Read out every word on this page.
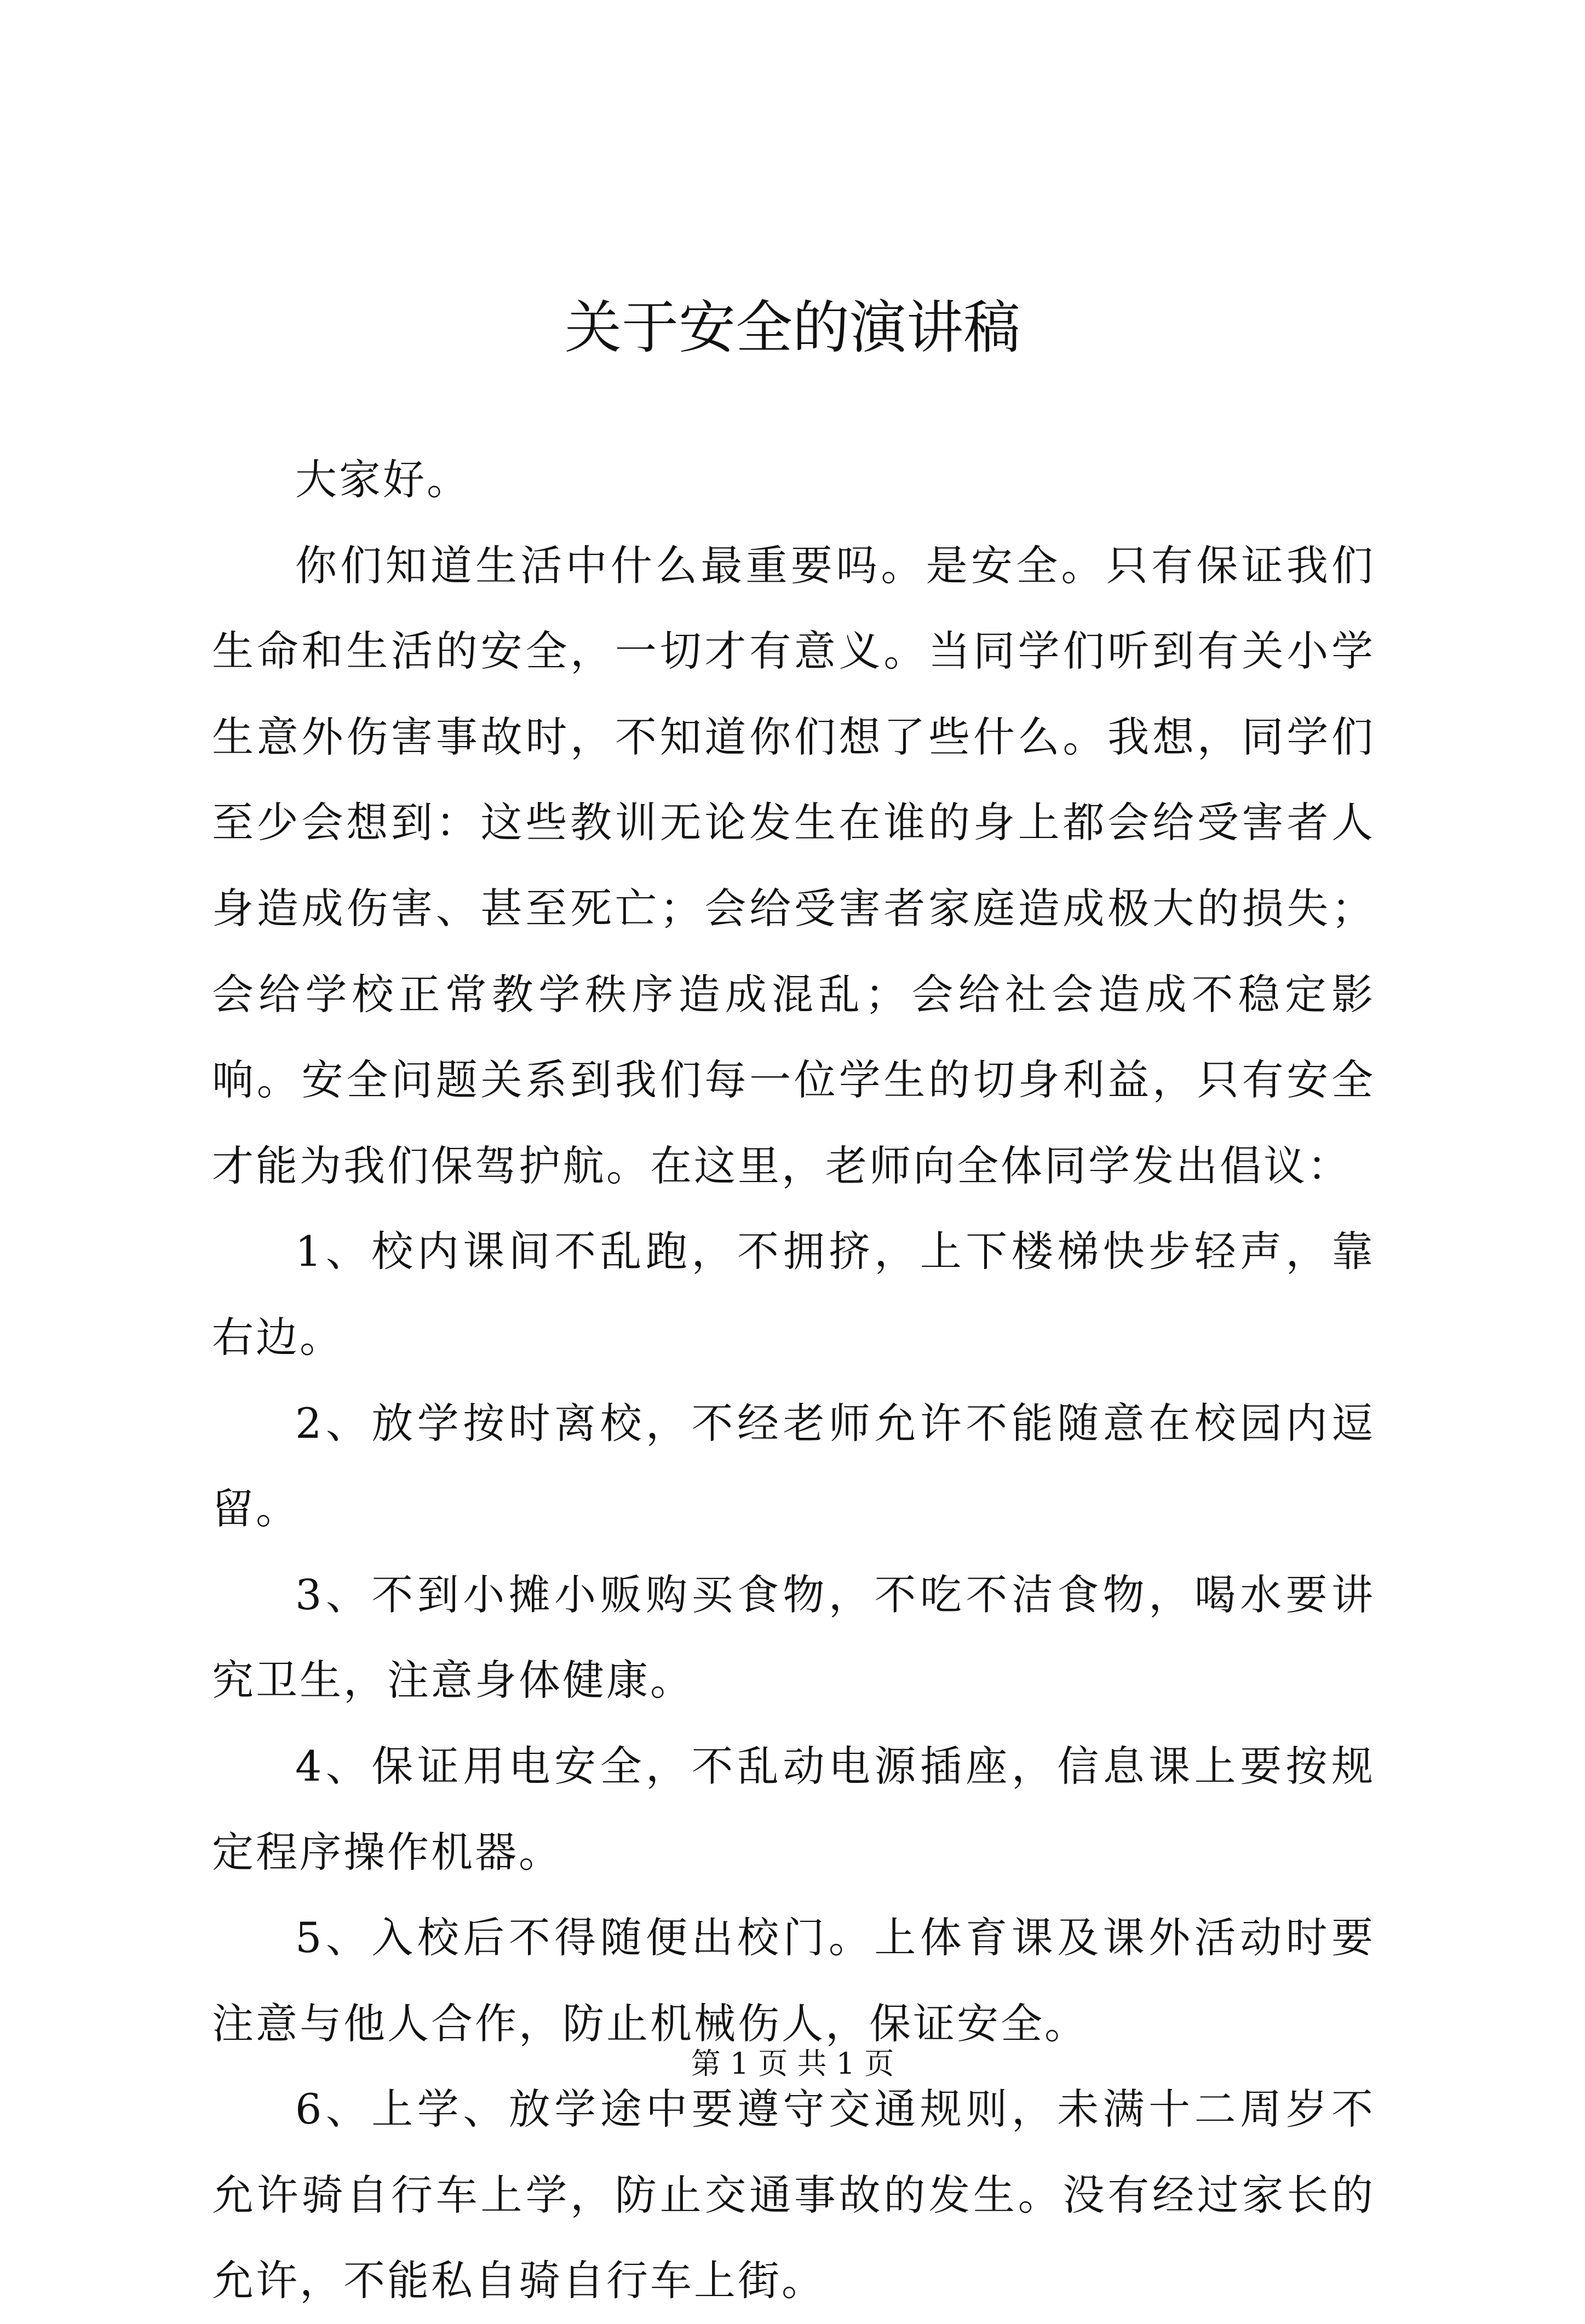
关于安全的演讲稿

大家好。

你们知道生活中什么最重要吗。是安全。只有保证我们生命和生活的安全，一切才有意义。当同学们听到有关小学生意外伤害事故时，不知道你们想了些什么。我想，同学们至少会想到：这些教训无论发生在谁的身上都会给受害者人身造成伤害、甚至死亡；会给受害者家庭造成极大的损失；会给学校正常教学秩序造成混乱；会给社会造成不稳定影响。安全问题关系到我们每一位学生的切身利益，只有安全才能为我们保驾护航。在这里，老师向全体同学发出倡议：

1、校内课间不乱跑，不拥挤，上下楼梯快步轻声，靠右边。

2、放学按时离校，不经老师允许不能随意在校园内逗留。

3、不到小摊小贩购买食物，不吃不洁食物，喝水要讲究卫生，注意身体健康。

4、保证用电安全，不乱动电源插座，信息课上要按规定程序操作机器。

5、入校后不得随便出校门。上体育课及课外活动时要注意与他人合作，防止机械伤人，保证安全。

6、上学、放学途中要遵守交通规则，未满十二周岁不允许骑自行车上学，防止交通事故的发生。没有经过家长的允许，不能私自骑自行车上街。

第 1 页 共 1 页
